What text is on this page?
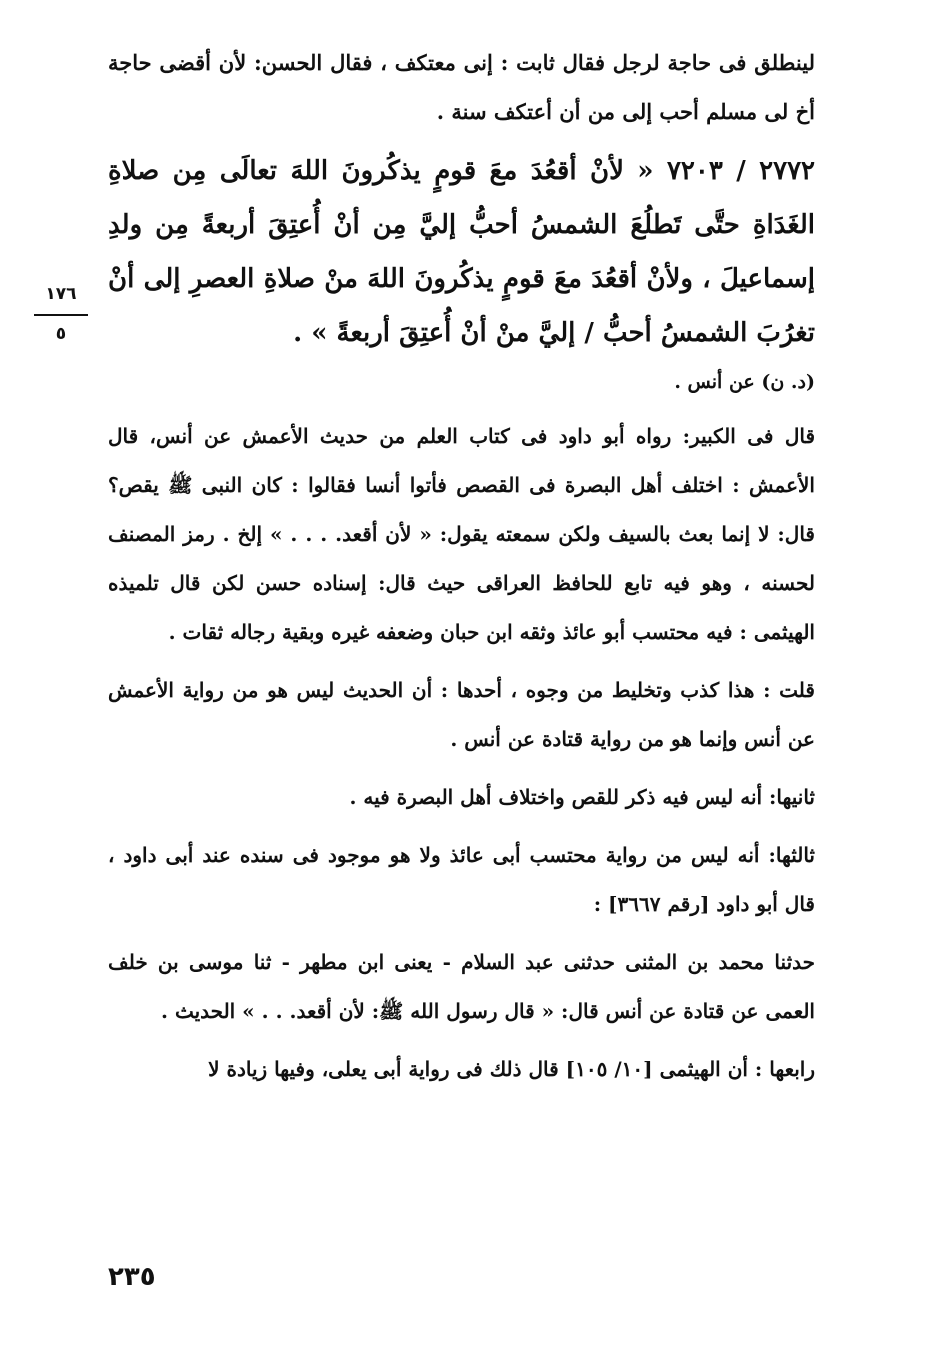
لينطلق فى حاجة لرجل فقال ثابت : إنى معتكف ، فقال الحسن: لأن أقضى حاجة أخ لى مسلم أحب إلى من أن أعتكف سنة .
٢٧٧٢ / ٧٢٠٣ « لأنْ أقعُدَ معَ قومٍ يذكُرونَ اللهَ تعالَى مِن صلاةِ الغَدَاةِ حتَّى تَطلُعَ الشمسُ أحبُّ إليَّ مِن أنْ أُعتِقَ أربعةً مِن ولدِ إسماعيلَ ، ولأنْ أقعُدَ معَ قومٍ يذكُرونَ اللهَ منْ صلاةِ العصرِ إلى أنْ تغرُبَ الشمسُ أحبُّ / إليَّ منْ أنْ أُعتِقَ أربعةً » .
١٧٦
٥
(د. ن) عن أنس .

قال فى الكبير: رواه أبو داود فى كتاب العلم من حديث الأعمش عن أنس، قال الأعمش : اختلف أهل البصرة فى القصص فأتوا أنسا فقالوا : كان النبى ﷺ يقص؟ قال: لا إنما بعث بالسيف ولكن سمعته يقول: « لأن أقعد. . . . » إلخ . رمز المصنف لحسنه ، وهو فيه تابع للحافظ العراقى حيث قال: إسناده حسن لكن قال تلميذه الهيثمى : فيه محتسب أبو عائذ وثقه ابن حبان وضعفه غيره وبقية رجاله ثقات .

قلت : هذا كذب وتخليط من وجوه ، أحدها : أن الحديث ليس هو من رواية الأعمش عن أنس وإنما هو من رواية قتادة عن أنس .

ثانيها: أنه ليس فيه ذكر للقص واختلاف أهل البصرة فيه .

ثالثها: أنه ليس من رواية محتسب أبى عائذ ولا هو موجود فى سنده عند أبى داود ، قال أبو داود [رقم ٣٦٦٧] :

حدثنا محمد بن المثنى حدثنى عبد السلام - يعنى ابن مطهر - ثنا موسى بن خلف العمى عن قتادة عن أنس قال: « قال رسول الله ﷺ: لأن أقعد. . . » الحديث .

رابعها : أن الهيثمى [١٠/ ١٠٥] قال ذلك فى رواية أبى يعلى، وفيها زيادة لا

٢٣٥
